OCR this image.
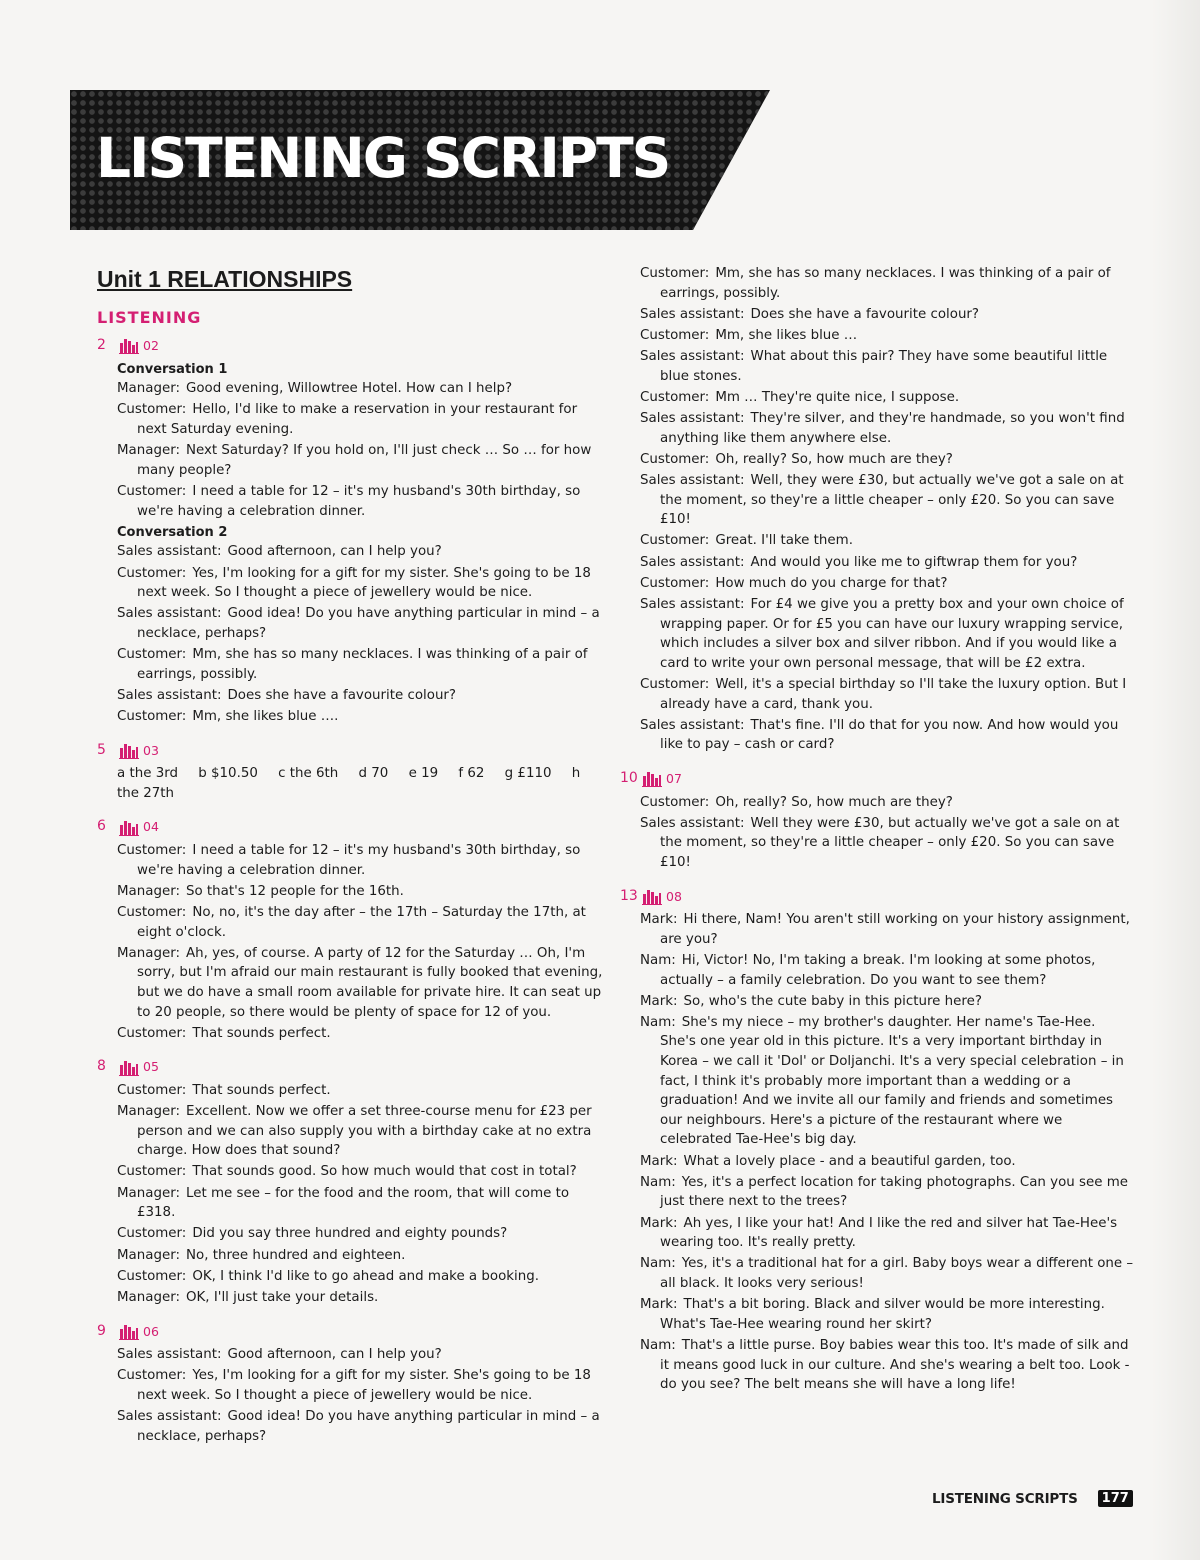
LISTENING SCRIPTS
Unit 1 RELATIONSHIPS
LISTENING
2	02

Conversation 1

Manager: Good evening, Willowtree Hotel. How can I help?

Customer: Hello, I'd like to make a reservation in your restaurant for next Saturday evening.

Manager: Next Saturday? If you hold on, I'll just check … So … for how many people?

Customer: I need a table for 12 – it's my husband's 30th birthday, so we're having a celebration dinner.

Conversation 2

Sales assistant: Good afternoon, can I help you?

Customer: Yes, I'm looking for a gift for my sister. She's going to be 18 next week. So I thought a piece of jewellery would be nice.

Sales assistant: Good idea! Do you have anything particular in mind – a necklace, perhaps?

Customer: Mm, she has so many necklaces. I was thinking of a pair of earrings, possibly.

Sales assistant: Does she have a favourite colour?

Customer: Mm, she likes blue ….

5	03
a the 3rd b $10.50 c the 6th d 70 e 19 f 62 g £110 h the 27th
6	04

Customer: I need a table for 12 – it's my husband's 30th birthday, so we're having a celebration dinner.

Manager: So that's 12 people for the 16th.

Customer: No, no, it's the day after – the 17th – Saturday the 17th, at eight o'clock.

Manager: Ah, yes, of course. A party of 12 for the Saturday … Oh, I'm sorry, but I'm afraid our main restaurant is fully booked that evening, but we do have a small room available for private hire. It can seat up to 20 people, so there would be plenty of space for 12 of you.

Customer: That sounds perfect.

8	05

Customer: That sounds perfect.

Manager: Excellent. Now we offer a set three-course menu for £23 per person and we can also supply you with a birthday cake at no extra charge. How does that sound?

Customer: That sounds good. So how much would that cost in total?

Manager: Let me see – for the food and the room, that will come to £318.

Customer: Did you say three hundred and eighty pounds?

Manager: No, three hundred and eighteen.

Customer: OK, I think I'd like to go ahead and make a booking.

Manager: OK, I'll just take your details.

9	06

Sales assistant: Good afternoon, can I help you?

Customer: Yes, I'm looking for a gift for my sister. She's going to be 18 next week. So I thought a piece of jewellery would be nice.

Sales assistant: Good idea! Do you have anything particular in mind – a necklace, perhaps?

Customer: Mm, she has so many necklaces. I was thinking of a pair of earrings, possibly.

Sales assistant: Does she have a favourite colour?

Customer: Mm, she likes blue …

Sales assistant: What about this pair? They have some beautiful little blue stones.

Customer: Mm … They're quite nice, I suppose.

Sales assistant: They're silver, and they're handmade, so you won't find anything like them anywhere else.

Customer: Oh, really? So, how much are they?

Sales assistant: Well, they were £30, but actually we've got a sale on at the moment, so they're a little cheaper – only £20. So you can save £10!

Customer: Great. I'll take them.

Sales assistant: And would you like me to giftwrap them for you?

Customer: How much do you charge for that?

Sales assistant: For £4 we give you a pretty box and your own choice of wrapping paper. Or for £5 you can have our luxury wrapping service, which includes a silver box and silver ribbon. And if you would like a card to write your own personal message, that will be £2 extra.

Customer: Well, it's a special birthday so I'll take the luxury option. But I already have a card, thank you.

Sales assistant: That's fine. I'll do that for you now. And how would you like to pay – cash or card?

10 07

Customer: Oh, really? So, how much are they?

Sales assistant: Well they were £30, but actually we've got a sale on at the moment, so they're a little cheaper – only £20. So you can save £10!

13 08

Mark: Hi there, Nam! You aren't still working on your history assignment, are you?

Nam: Hi, Victor! No, I'm taking a break. I'm looking at some photos, actually – a family celebration. Do you want to see them?

Mark: So, who's the cute baby in this picture here?

Nam: She's my niece – my brother's daughter. Her name's Tae-Hee. She's one year old in this picture. It's a very important birthday in Korea – we call it 'Dol' or Doljanchi. It's a very special celebration – in fact, I think it's probably more important than a wedding or a graduation! And we invite all our family and friends and sometimes our neighbours. Here's a picture of the restaurant where we celebrated Tae-Hee's big day.

Mark: What a lovely place - and a beautiful garden, too.

Nam: Yes, it's a perfect location for taking photographs. Can you see me just there next to the trees?

Mark: Ah yes, I like your hat! And I like the red and silver hat Tae-Hee's wearing too. It's really pretty.

Nam: Yes, it's a traditional hat for a girl. Baby boys wear a different one – all black. It looks very serious!

Mark: That's a bit boring. Black and silver would be more interesting. What's Tae-Hee wearing round her skirt?

Nam: That's a little purse. Boy babies wear this too. It's made of silk and it means good luck in our culture. And she's wearing a belt too. Look - do you see? The belt means she will have a long life!

LISTENING SCRIPTS	177
